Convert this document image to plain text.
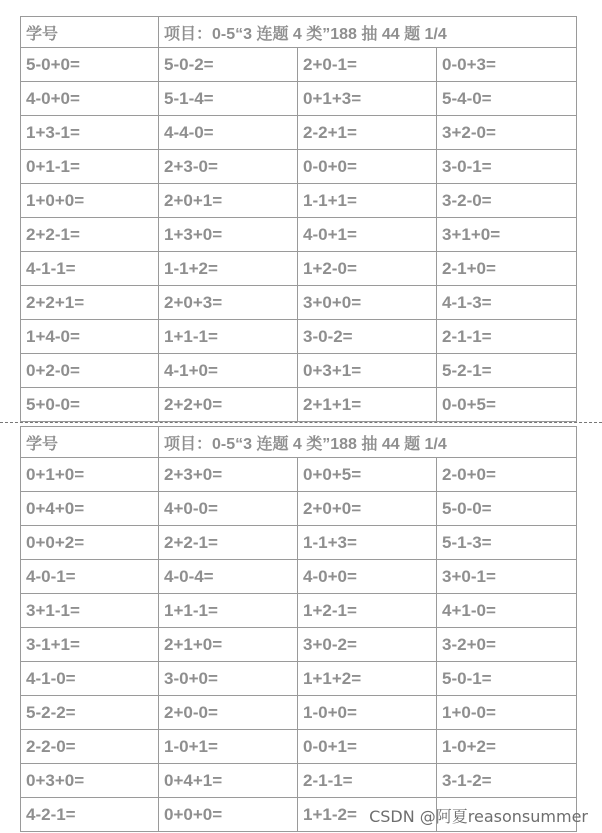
学号	项目：0-5“3 连题 4 类”188 抽 44 题 1/4		
5-0+0=	5-0-2=	2+0-1=	0-0+3=
4-0+0=	5-1-4=	0+1+3=	5-4-0=
1+3-1=	4-4-0=	2-2+1=	3+2-0=
0+1-1=	2+3-0=	0-0+0=	3-0-1=
1+0+0=	2+0+1=	1-1+1=	3-2-0=
2+2-1=	1+3+0=	4-0+1=	3+1+0=
4-1-1=	1-1+2=	1+2-0=	2-1+0=
2+2+1=	2+0+3=	3+0+0=	4-1-3=
1+4-0=	1+1-1=	3-0-2=	2-1-1=
0+2-0=	4-1+0=	0+3+1=	5-2-1=
5+0-0=	2+2+0=	2+1+1=	0-0+5=
学号	项目：0-5“3 连题 4 类”188 抽 44 题 1/4		
0+1+0=	2+3+0=	0+0+5=	2-0+0=
0+4+0=	4+0-0=	2+0+0=	5-0-0=
0+0+2=	2+2-1=	1-1+3=	5-1-3=
4-0-1=	4-0-4=	4-0+0=	3+0-1=
3+1-1=	1+1-1=	1+2-1=	4+1-0=
3-1+1=	2+1+0=	3+0-2=	3-2+0=
4-1-0=	3-0+0=	1+1+2=	5-0-1=
5-2-2=	2+0-0=	1-0+0=	1+0-0=
2-2-0=	1-0+1=	0-0+1=	1-0+2=
0+3+0=	0+4+1=	2-1-1=	3-1-2=
4-2-1=	0+0+0=	1+1-2=	CSDN @阿夏reasonsummer
